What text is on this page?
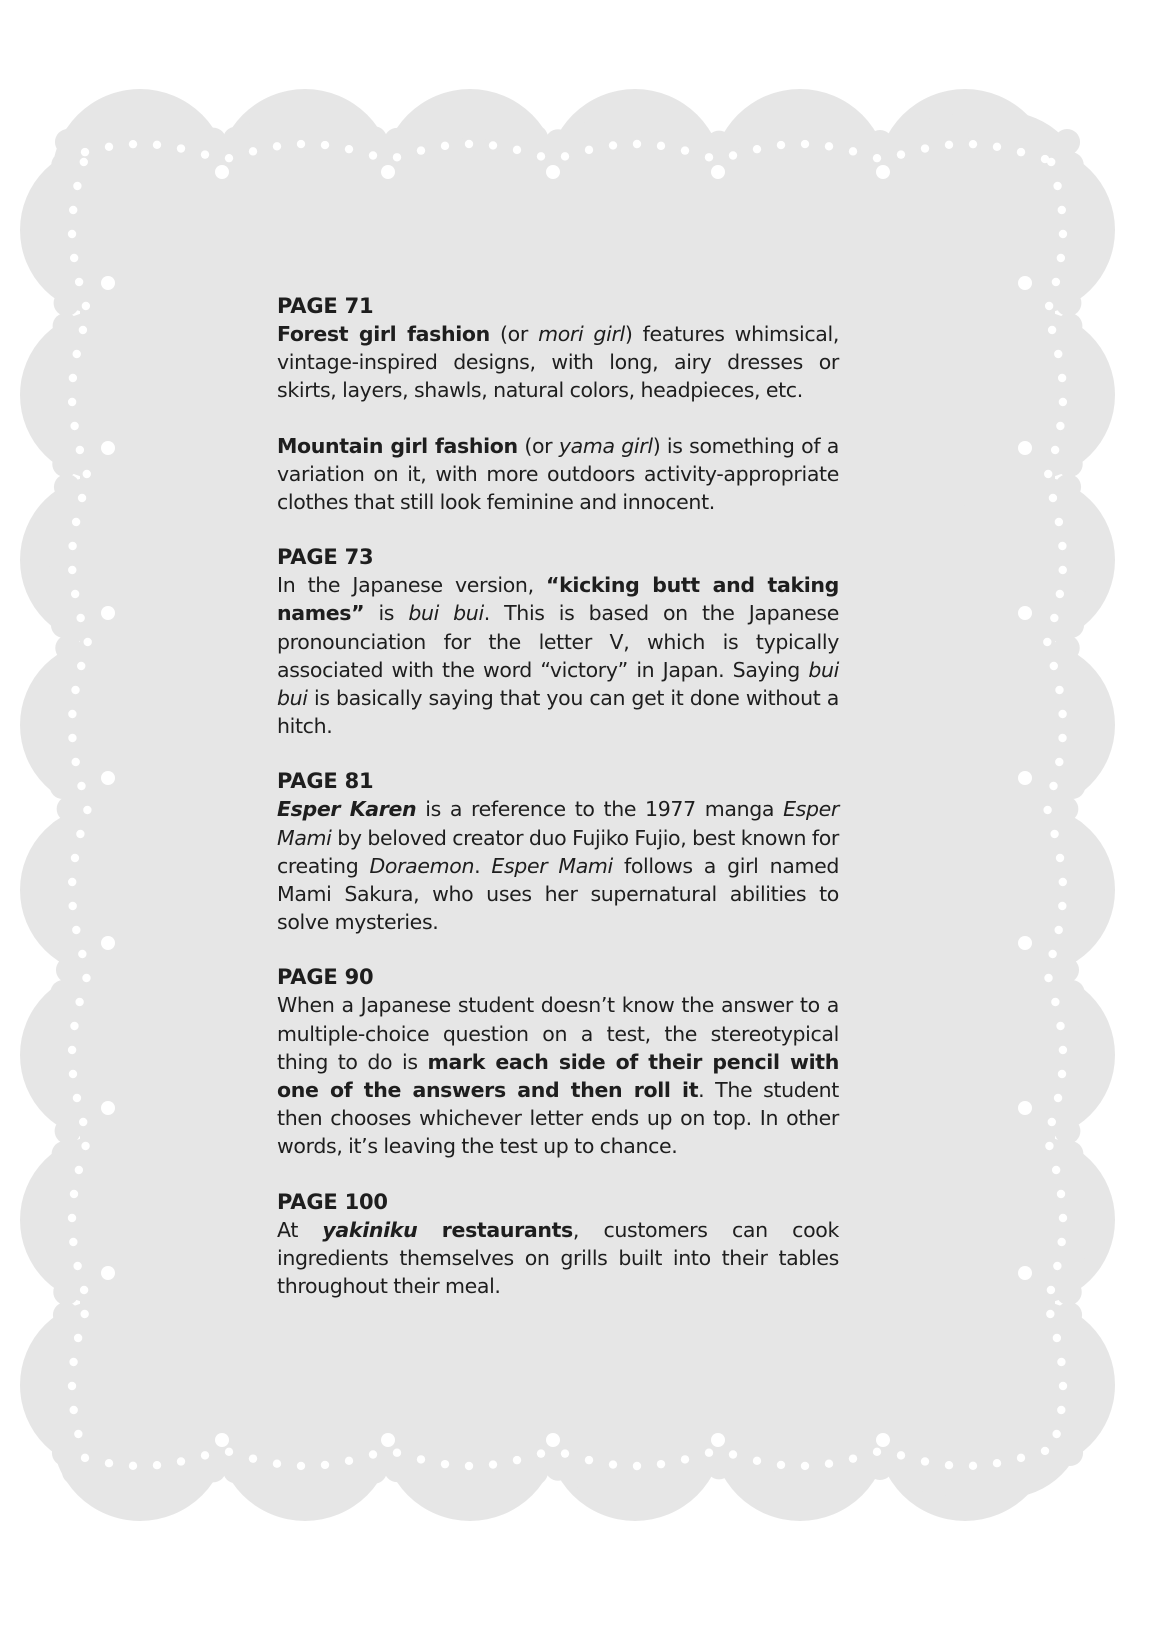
PAGE 71

Forest girl fashion (or mori girl) features whimsical, vintage-inspired designs, with long, airy dresses or skirts, layers, shawls, natural colors, headpieces, etc.

Mountain girl fashion (or yama girl) is something of a variation on it, with more outdoors activity-appropriate clothes that still look feminine and innocent.

PAGE 73

In the Japanese version, “kicking butt and taking names” is bui bui. This is based on the Japanese pronounciation for the letter V, which is typically associated with the word “victory” in Japan. Saying bui bui is basically saying that you can get it done without a hitch.

PAGE 81

Esper Karen is a reference to the 1977 manga Esper Mami by beloved creator duo Fujiko Fujio, best known for creating Doraemon. Esper Mami follows a girl named Mami Sakura, who uses her supernatural abilities to solve mysteries.

PAGE 90

When a Japanese student doesn’t know the answer to a multiple-choice question on a test, the stereotypical thing to do is mark each side of their pencil with one of the answers and then roll it. The student then chooses whichever letter ends up on top. In other words, it’s leaving the test up to chance.

PAGE 100

At yakiniku restaurants, customers can cook ingredients themselves on grills built into their tables throughout their meal.
